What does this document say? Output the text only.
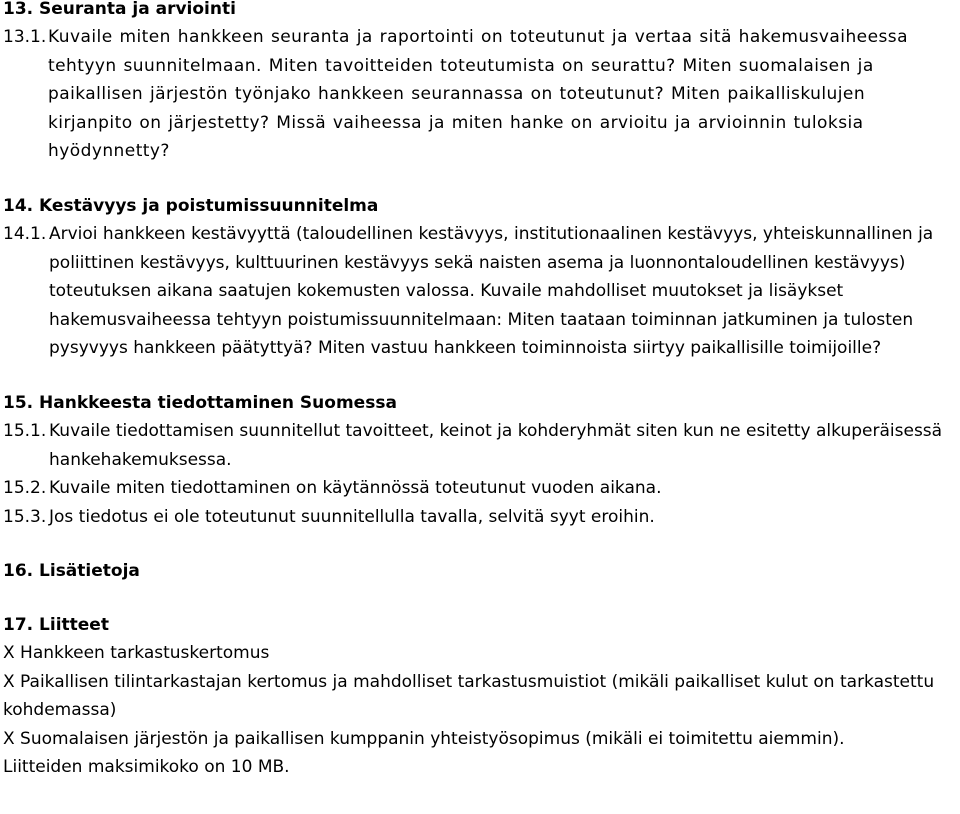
13. Seuranta ja arviointi

13.1. Kuvaile miten hankkeen seuranta ja raportointi on toteutunut ja vertaa sitä hakemusvaiheessa tehtyyn suunnitelmaan. Miten tavoitteiden toteutumista on seurattu? Miten suomalaisen ja paikallisen järjestön työnjako hankkeen seurannassa on toteutunut? Miten paikalliskulujen kirjanpito on järjestetty? Missä vaiheessa ja miten hanke on arvioitu ja arvioinnin tuloksia hyödynnetty?

14. Kestävyys ja poistumissuunnitelma

14.1. Arvioi hankkeen kestävyyttä (taloudellinen kestävyys, institutionaalinen kestävyys, yhteiskunnallinen ja poliittinen kestävyys, kulttuurinen kestävyys sekä naisten asema ja luonnontaloudellinen kestävyys) toteutuksen aikana saatujen kokemusten valossa. Kuvaile mahdolliset muutokset ja lisäykset hakemusvaiheessa tehtyyn poistumissuunnitelmaan: Miten taataan toiminnan jatkuminen ja tulosten pysyvyys hankkeen päätyttyä? Miten vastuu hankkeen toiminnoista siirtyy paikallisille toimijoille?

15. Hankkeesta tiedottaminen Suomessa

15.1. Kuvaile tiedottamisen suunnitellut tavoitteet, keinot ja kohderyhmät siten kun ne esitetty alkuperäisessä hankehakemuksessa.
15.2. Kuvaile miten tiedottaminen on käytännössä toteutunut vuoden aikana.
15.3. Jos tiedotus ei ole toteutunut suunnitellulla tavalla, selvitä syyt eroihin.

16. Lisätietoja

17. Liitteet

X Hankkeen tarkastuskertomus

X Paikallisen tilintarkastajan kertomus ja mahdolliset tarkastusmuistiot (mikäli paikalliset kulut on tarkastettu kohdemassa)

X Suomalaisen järjestön ja paikallisen kumppanin yhteistyösopimus (mikäli ei toimitettu aiemmin).

Liitteiden maksimikoko on 10 MB.
